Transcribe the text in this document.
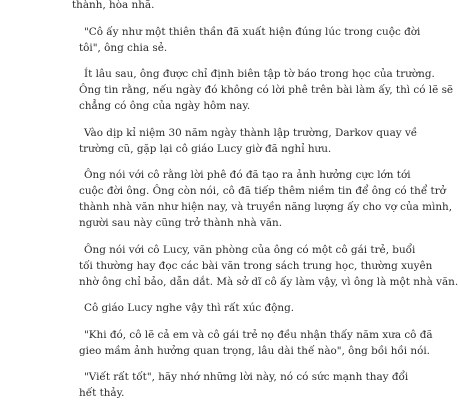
thành, hòa nhã.
"Cô ấy như một thiên thần đã xuất hiện đúng lúc trong cuộc đời
tôi", ông chia sẻ.
Ít lâu sau, ông được chỉ định biên tập tờ báo trong học của trường.
Ông tin rằng, nếu ngày đó không có lời phê trên bài làm ấy, thì có lẽ sẽ
chẳng có ông của ngày hôm nay.
Vào dịp kỉ niệm 30 năm ngày thành lập trường, Darkov quay về
trường cũ, gặp lại cô giáo Lucy giờ đã nghỉ hưu.
Ông nói với cô rằng lời phê đó đã tạo ra ảnh hưởng cực lớn tới
cuộc đời ông. Ông còn nói, cô đã tiếp thêm niềm tin để ông có thể trở
thành nhà văn như hiện nay, và truyền năng lượng ấy cho vợ của mình,
người sau này cũng trở thành nhà văn.
Ông nói với cô Lucy, văn phòng của ông có một cô gái trẻ, buổi
tối thường hay đọc các bài văn trong sách trung học, thường xuyên
nhờ ông chỉ bảo, dẫn dắt. Mà sở dĩ cô ấy làm vậy, vì ông là một nhà văn.
Cô giáo Lucy nghe vậy thì rất xúc động.
"Khi đó, cô lẽ cả em và cô gái trẻ nọ đều nhận thấy năm xưa cô đã
gieo mầm ảnh hưởng quan trọng, lâu dài thế nào", ông bồi hồi nói.
"Viết rất tốt", hãy nhớ những lời này, nó có sức mạnh thay đổi
hết thảy.
